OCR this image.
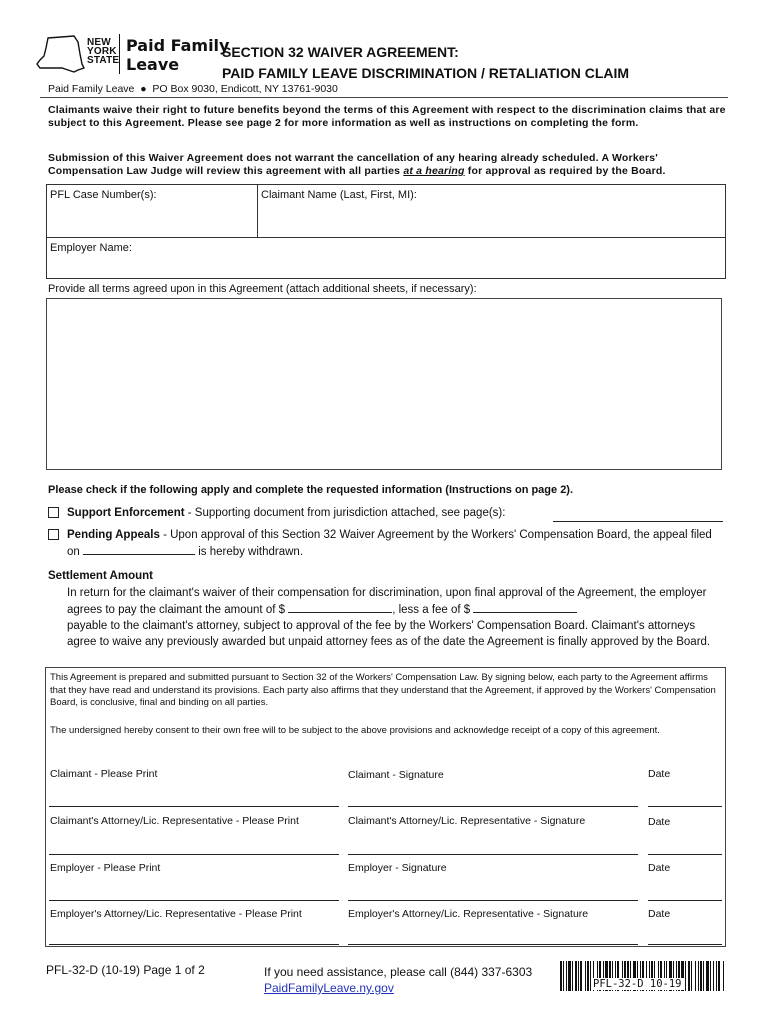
NEW
YORK
STATE
Paid Family
Leave
SECTION 32 WAIVER AGREEMENT:
PAID FAMILY LEAVE DISCRIMINATION / RETALIATION CLAIM
Paid Family Leave ● PO Box 9030, Endicott, NY 13761-9030
Claimants waive their right to future benefits beyond the terms of this Agreement with respect to the discrimination claims that are subject to this Agreement. Please see page 2 for more information as well as instructions on completing the form.
Submission of this Waiver Agreement does not warrant the cancellation of any hearing already scheduled. A Workers' Compensation Law Judge will review this agreement with all parties at a hearing for approval as required by the Board.
PFL Case Number(s):	Claimant Name (Last, First, MI):
Employer Name:
Provide all terms agreed upon in this Agreement (attach additional sheets, if necessary):
Please check if the following apply and complete the requested information (Instructions on page 2).
Support Enforcement - Supporting document from jurisdiction attached, see page(s):
Pending Appeals - Upon approval of this Section 32 Waiver Agreement by the Workers' Compensation Board, the appeal filed on	is hereby withdrawn.
Settlement Amount
In return for the claimant's waiver of their compensation for discrimination, upon final approval of the Agreement, the employer agrees to pay the claimant the amount of $	, less a fee of $
payable to the claimant's attorney, subject to approval of the fee by the Workers' Compensation Board. Claimant's attorneys agree to waive any previously awarded but unpaid attorney fees as of the date the Agreement is finally approved by the Board.
This Agreement is prepared and submitted pursuant to Section 32 of the Workers' Compensation Law. By signing below, each party to the Agreement affirms that they have read and understand its provisions. Each party also affirms that they understand that the Agreement, if approved by the Workers' Compensation Board, is conclusive, final and binding on all parties.
The undersigned hereby consent to their own free will to be subject to the above provisions and acknowledge receipt of a copy of this agreement.
Claimant - Please Print	Claimant - Signature	Date
Claimant's Attorney/Lic. Representative - Please Print	Claimant's Attorney/Lic. Representative - Signature	Date
Employer - Please Print	Employer - Signature	Date
Employer's Attorney/Lic. Representative - Please Print	Employer's Attorney/Lic. Representative - Signature	Date
PFL-32-D (10-19) Page 1 of 2	If you need assistance, please call (844) 337-6303
PaidFamilyLeave.ny.gov	PFL-32-D 10-19
